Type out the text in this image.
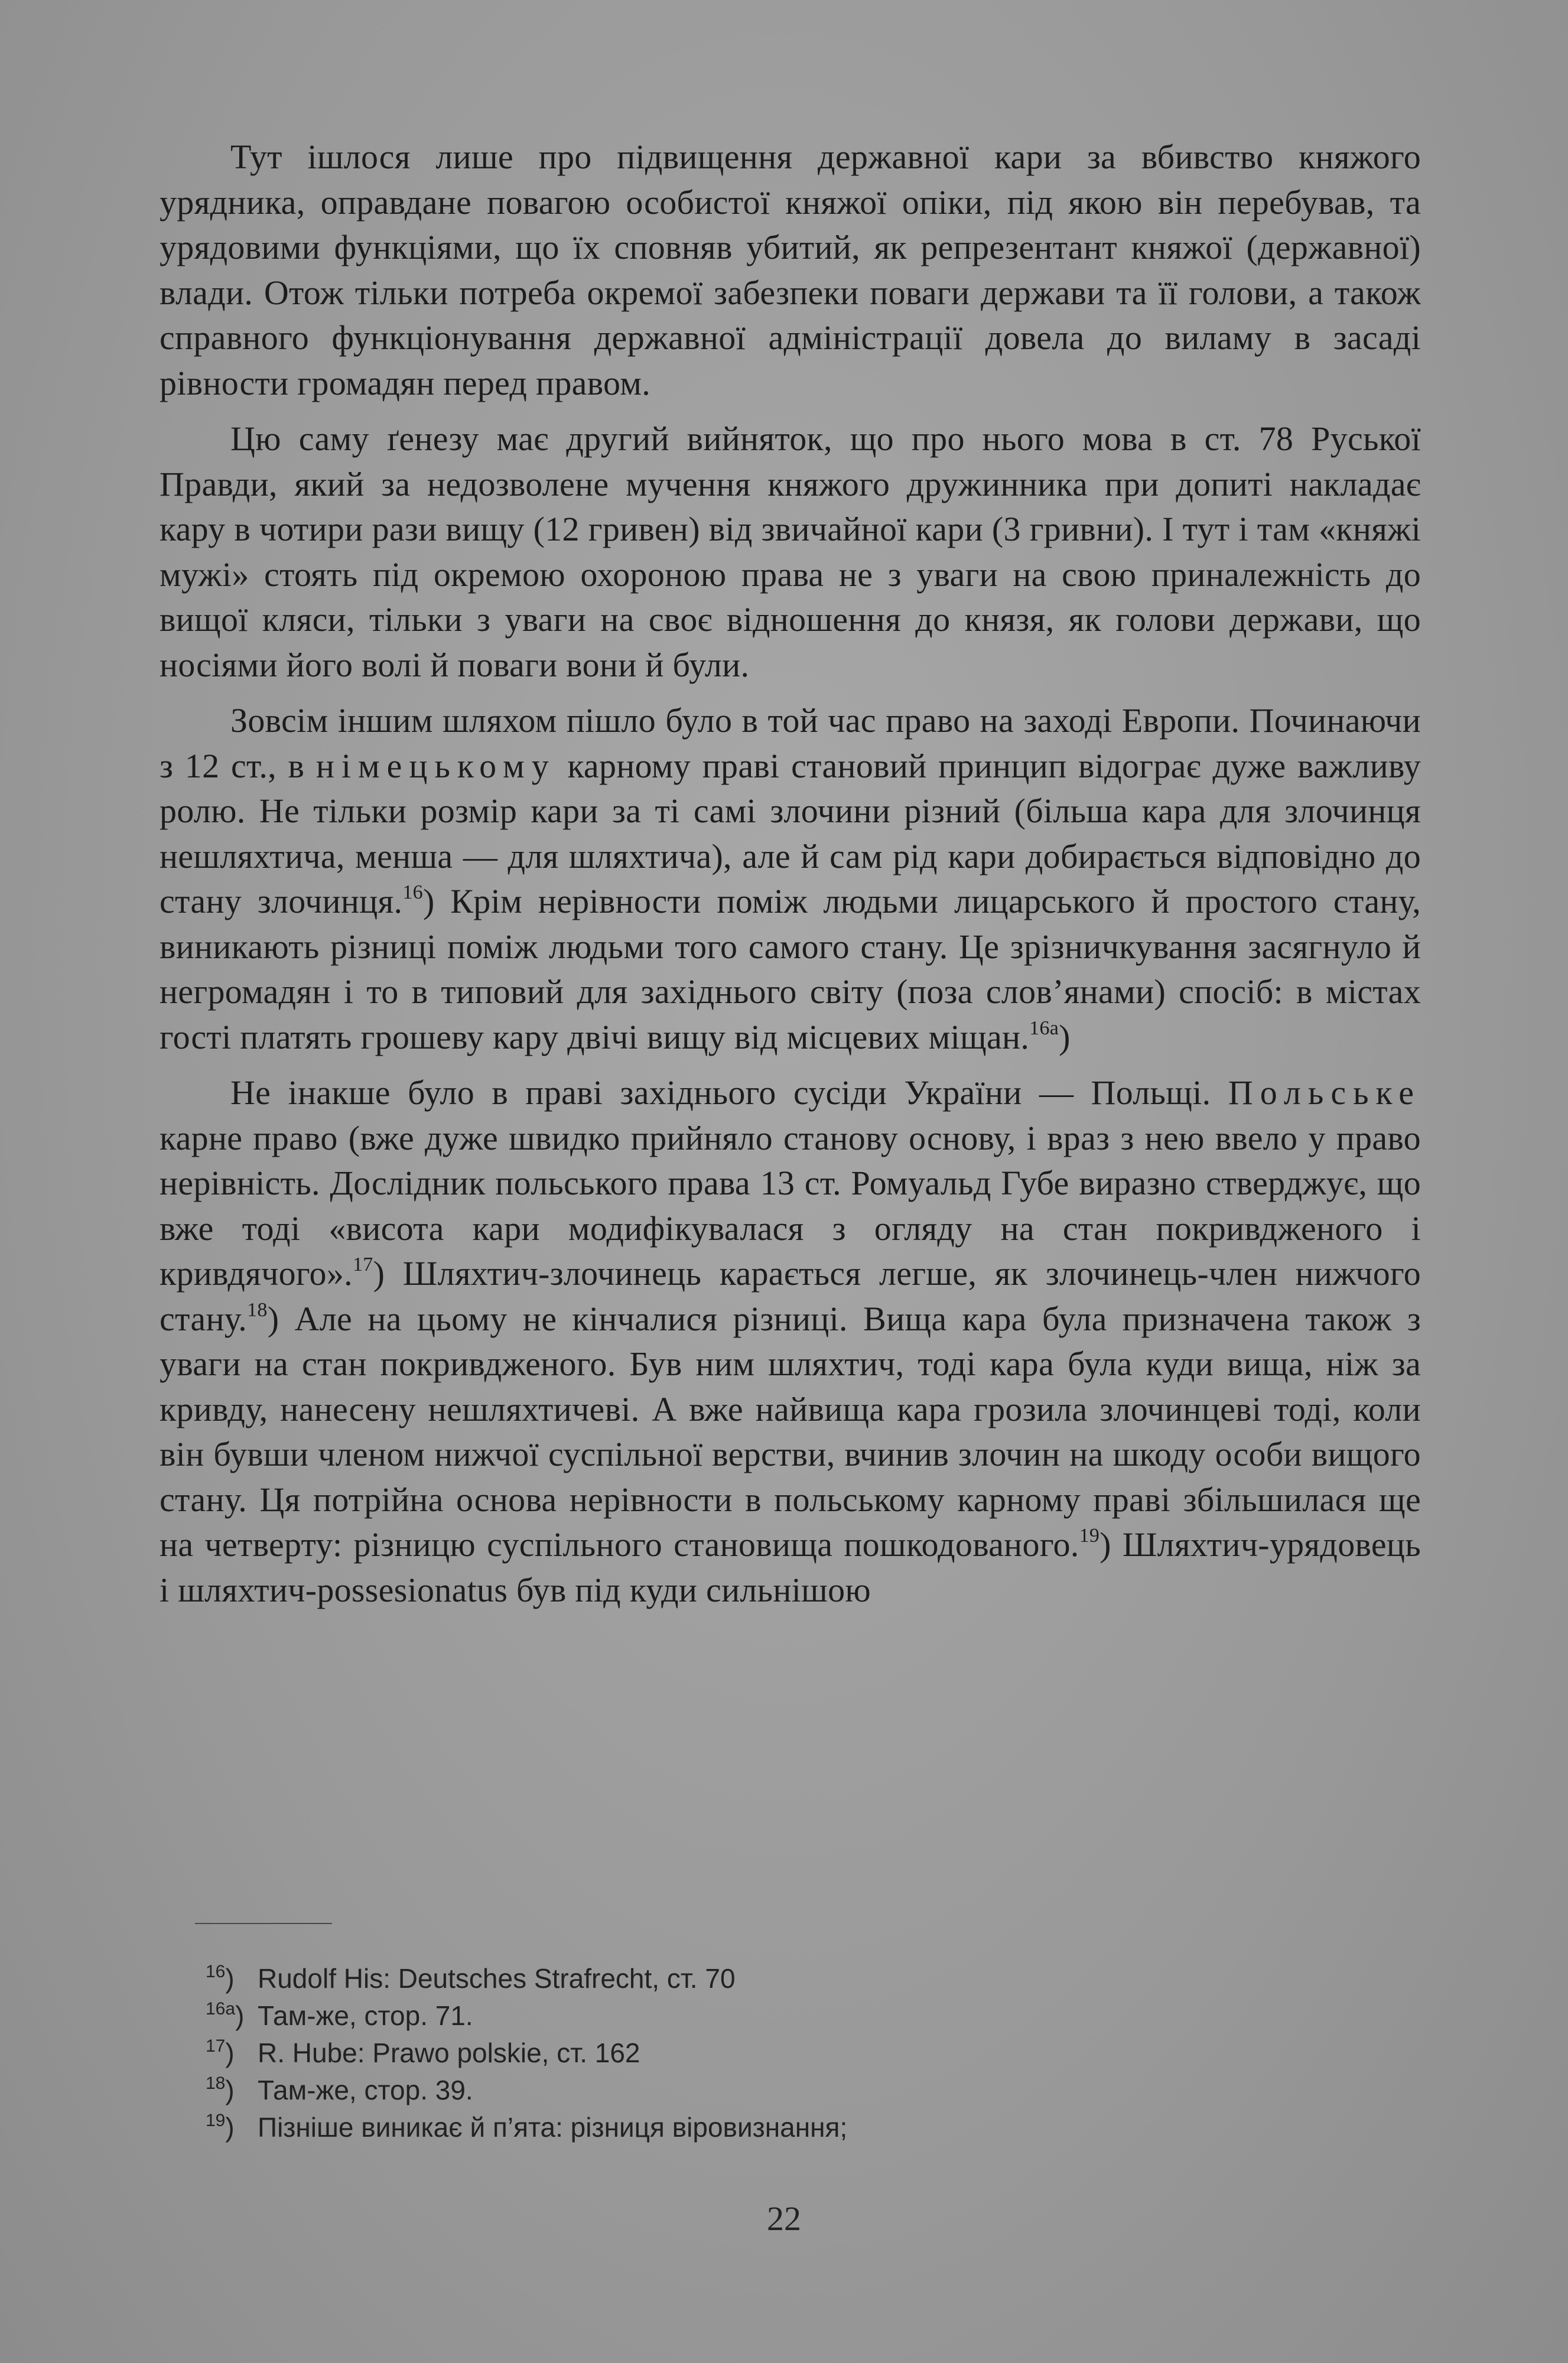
Тут ішлося лише про підвищення державної кари за вбивство княжого урядника, оправдане повагою особистої княжої опіки, під якою він перебував, та урядовими функціями, що їх сповняв убитий, як репрезентант княжої (державної) влади. Отож тільки потреба окремої забезпеки поваги держави та її голови, а також справного функціонування державної адміністрації довела до виламу в засаді рівности громадян перед правом.

Цю саму ґенезу має другий вийняток, що про нього мова в ст. 78 Руської Правди, який за недозволене мучення княжого дружинника при допиті накладає кару в чотири рази вищу (12 гривен) від звичайної кари (3 гривни). І тут і там «княжі мужі» стоять під окремою охороною права не з уваги на свою приналежність до вищої кляси, тільки з уваги на своє відношення до князя, як голови держави, що носіями його волі й поваги вони й були.

Зовсім іншим шляхом пішло було в той час право на заході Европи. Починаючи з 12 ст., в німецькому карному праві становий принцип відограє дуже важливу ролю. Не тільки розмір кари за ті самі злочини різний (більша кара для злочинця нешляхтича, менша — для шляхтича), але й сам рід кари добирається відповідно до стану злочинця.$^{16}$) Крім нерівности поміж людьми лицарського й простого стану, виникають різниці поміж людьми того самого стану. Це зрізничкування засягнуло й негромадян і то в типовий для західнього світу (поза слов’янами) спосіб: в містах гості платять грошеву кару двічі вищу від місцевих міщан.$^{16а}$)

Не інакше було в праві західнього сусіди України — Польщі. Польське карне право (вже дуже швидко прийняло станову основу, і враз з нею ввело у право нерівність. Дослідник польського права 13 ст. Ромуальд Губе виразно стверджує, що вже тоді «висота кари модифікувалася з огляду на стан покривдженого і кривдячого».$^{17}$) Шляхтич-злочинець карається легше, як злочинець-член нижчого стану.$^{18}$) Але на цьому не кінчалися різниці. Вища кара була призначена також з уваги на стан покривдженого. Був ним шляхтич, тоді кара була куди вища, ніж за кривду, нанесену нешляхтичеві. А вже найвища кара грозила злочинцеві тоді, коли він бувши членом нижчої суспільної верстви, вчинив злочин на шкоду особи вищого стану. Ця потрійна основа нерівности в польському карному праві збільшилася ще на четверту: різницю суспільного становища пошкодованого.$^{19}$) Шляхтич-урядовець і шляхтич-possesionatus був під куди сильнішою

$^{16}$) Rudolf His: Deutsches Strafrecht, ст. 70
$^{16а}$) Там-же, стор. 71.
$^{17}$) R. Hube: Prawo polskie, ст. 162
$^{18}$) Там-же, стор. 39.
$^{19}$) Пізніше виникає й п’ята: різниця віровизнання;
22
